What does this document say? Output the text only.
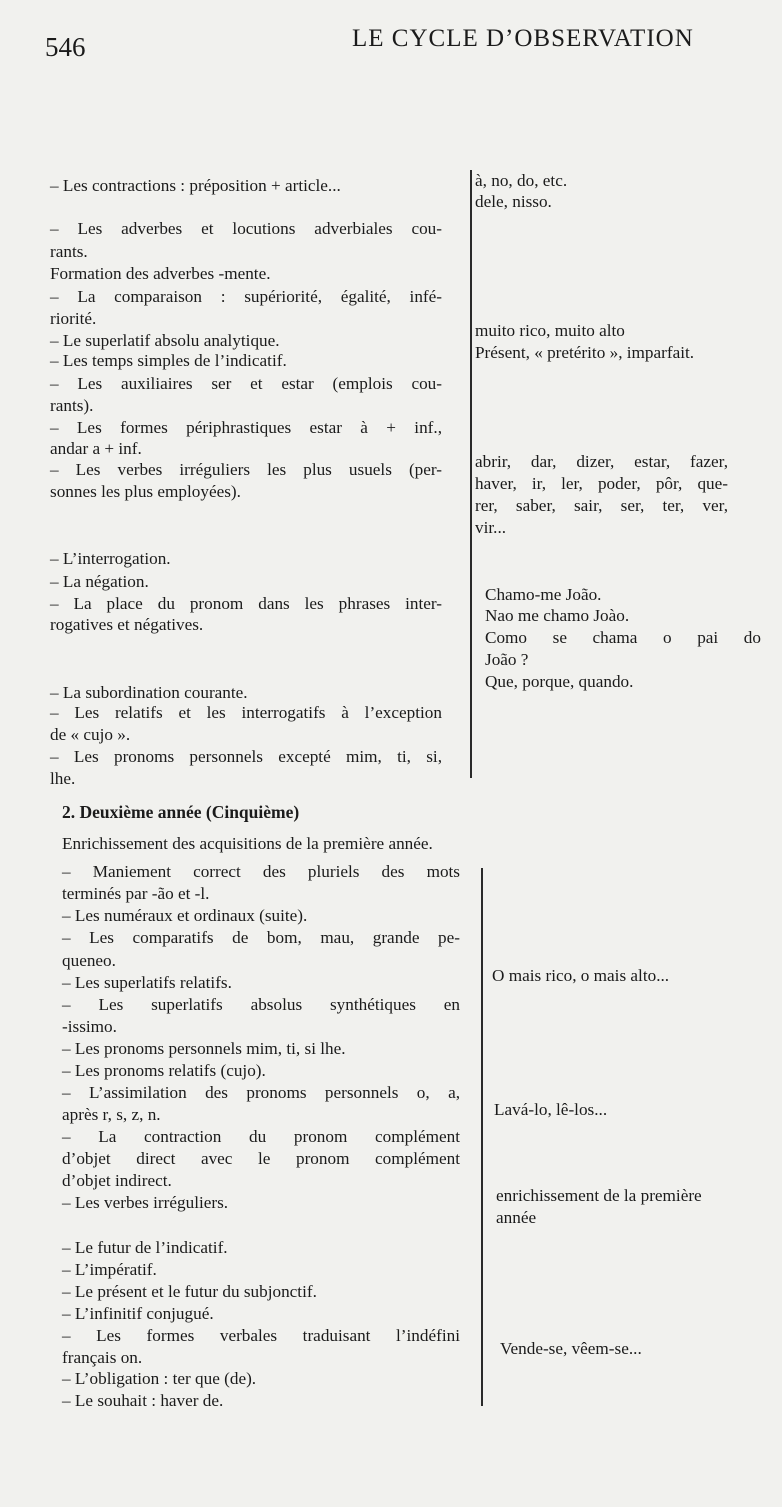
546	LE CYCLE D’OBSERVATION
– Les contractions : préposition + article...
– Les adverbes et locutions adverbiales cou-
rants.
Formation des adverbes -mente.
– La comparaison : supériorité, égalité, infé-
riorité.
– Le superlatif absolu analytique.
– Les temps simples de l’indicatif.
– Les auxiliaires ser et estar (emplois cou-
rants).
– Les formes périphrastiques estar à + inf.,
andar a + inf.
– Les verbes irréguliers les plus usuels (per-
sonnes les plus employées).
– L’interrogation.
– La négation.
– La place du pronom dans les phrases inter-
rogatives et négatives.
– La subordination courante.
– Les relatifs et les interrogatifs à l’exception
de « cujo ».
– Les pronoms personnels excepté mim, ti, si,
lhe.
à, no, do, etc.
dele, nisso.
muito rico, muito alto
Présent, « pretérito », imparfait.
abrir, dar, dizer, estar, fazer,
haver, ir, ler, poder, pôr, que-
rer, saber, sair, ser, ter, ver,
vir...
Chamo-me João.
Nao me chamo Joào.
Como se chama o pai do
João ?
Que, porque, quando.
2. Deuxième année (Cinquième)
Enrichissement des acquisitions de la première année.
– Maniement correct des pluriels des mots
terminés par -ão et -l.
– Les numéraux et ordinaux (suite).
– Les comparatifs de bom, mau, grande pe-
queneo.
– Les superlatifs relatifs.
– Les superlatifs absolus synthétiques en
-issimo.
– Les pronoms personnels mim, ti, si lhe.
– Les pronoms relatifs (cujo).
– L’assimilation des pronoms personnels o, a,
après r, s, z, n.
– La contraction du pronom complément
d’objet direct avec le pronom complément
d’objet indirect.
– Les verbes irréguliers.
– Le futur de l’indicatif.
– L’impératif.
– Le présent et le futur du subjonctif.
– L’infinitif conjugué.
– Les formes verbales traduisant l’indéfini
français on.
– L’obligation : ter que (de).
– Le souhait : haver de.
O mais rico, o mais alto...
Lavá-lo, lê-los...
enrichissement de la première
année
Vende-se, vêem-se...
